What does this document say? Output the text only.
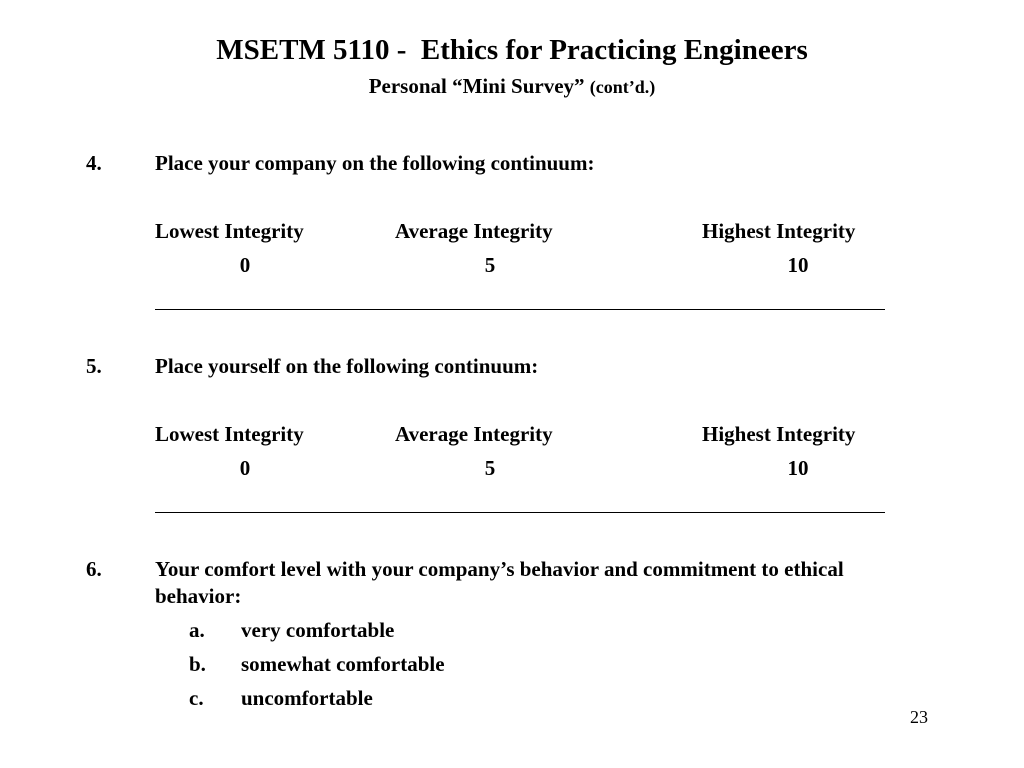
MSETM 5110 -  Ethics for Practicing Engineers
Personal “Mini Survey” (cont’d.)
4.	Place your company on the following continuum:
Lowest Integrity	Average Integrity	Highest Integrity
0	5	10
5.	Place yourself on the following continuum:
Lowest Integrity	Average Integrity	Highest Integrity
0	5	10
6.	Your comfort level with your company’s behavior and commitment to ethical behavior:
a. very comfortable
b. somewhat comfortable
c. uncomfortable
23
